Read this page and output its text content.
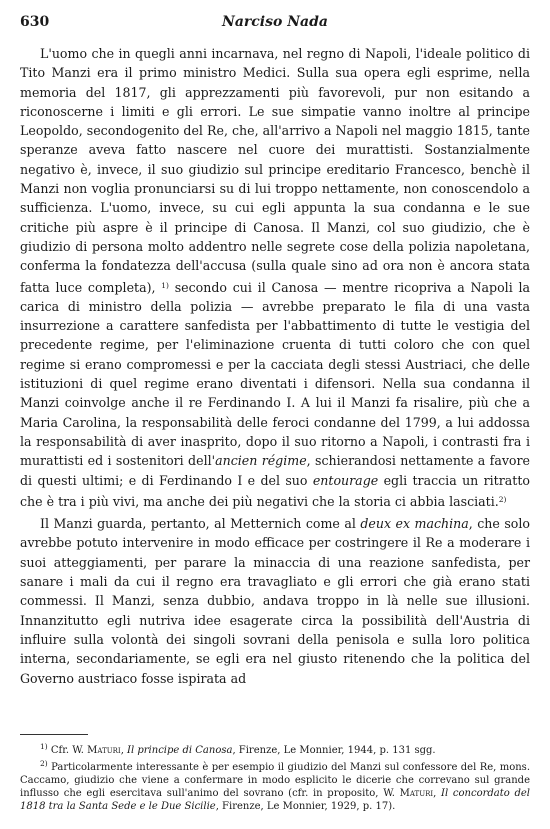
630	Narciso Nada

L'uomo che in quegli anni incarnava, nel regno di Napoli, l'ideale politico di Tito Manzi era il primo ministro Medici. Sulla sua opera egli esprime, nella memoria del 1817, gli apprezzamenti più favorevoli, pur non esitando a riconoscerne i limiti e gli errori. Le sue simpatie vanno inoltre al principe Leopoldo, secondogenito del Re, che, all'arrivo a Napoli nel maggio 1815, tante speranze aveva fatto nascere nel cuore dei murattisti. Sostanzialmente negativo è, invece, il suo giudizio sul principe ereditario Francesco, benchè il Manzi non voglia pronunciarsi su di lui troppo nettamente, non conoscendolo a sufficienza. L'uomo, invece, su cui egli appunta la sua condanna e le sue critiche più aspre è il principe di Canosa. Il Manzi, col suo giudizio, che è giudizio di persona molto addentro nelle segrete cose della polizia napoletana, conferma la fondatezza dell'accusa (sulla quale sino ad ora non è ancora stata fatta luce completa), $^{1)}$ secondo cui il Canosa — mentre ricopriva a Napoli la carica di ministro della polizia — avrebbe preparato le fila di una vasta insurrezione a carattere sanfedista per l'abbattimento di tutte le vestigia del precedente regime, per l'eliminazione cruenta di tutti coloro che con quel regime si erano compromessi e per la cacciata degli stessi Austriaci, che delle istituzioni di quel regime erano diventati i difensori. Nella sua condanna il Manzi coinvolge anche il re Ferdinando I. A lui il Manzi fa risalire, più che a Maria Carolina, la responsabilità delle feroci condanne del 1799, a lui addossa la responsabilità di aver inasprito, dopo il suo ritorno a Napoli, i contrasti fra i murattisti ed i sostenitori dell'ancien régime, schierandosi nettamente a favore di questi ultimi; e di Ferdinando I e del suo entourage egli traccia un ritratto che è tra i più vivi, ma anche dei più negativi che la storia ci abbia lasciati.$^{2)}$

Il Manzi guarda, pertanto, al Metternich come al deux ex machina, che solo avrebbe potuto intervenire in modo efficace per costringere il Re a moderare i suoi atteggiamenti, per parare la minaccia di una reazione sanfedista, per sanare i mali da cui il regno era travagliato e gli errori che già erano stati commessi. Il Manzi, senza dubbio, andava troppo in là nelle sue illusioni. Innanzitutto egli nutriva idee esagerate circa la possibilità dell'Austria di influire sulla volontà dei singoli sovrani della penisola e sulla loro politica interna, secondariamente, se egli era nel giusto ritenendo che la politica del Governo austriaco fosse ispirata ad

$^{1)}$ Cfr. W. Maturi, Il principe di Canosa, Firenze, Le Monnier, 1944, p. 131 sgg.

$^{2)}$ Particolarmente interessante è per esempio il giudizio del Manzi sul confessore del Re, mons. Caccamo, giudizio che viene a confermare in modo esplicito le dicerie che correvano sul grande influsso che egli esercitava sull'animo del sovrano (cfr. in proposito, W. Maturi, Il concordato del 1818 tra la Santa Sede e le Due Sicilie, Firenze, Le Monnier, 1929, p. 17).
